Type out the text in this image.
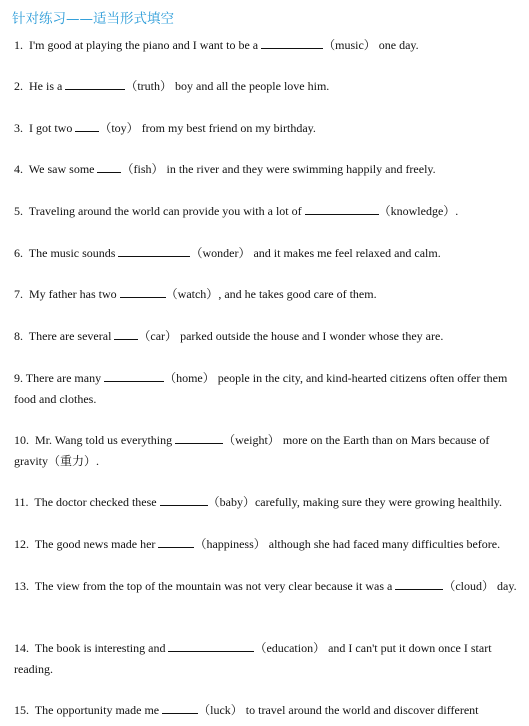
针对练习——适当形式填空
1. I'm good at playing the piano and I want to be a	（music） one day.
2. He is a	（truth） boy and all the people love him.
3. I got two （toy） from my best friend on my birthday.
4. We saw some （fish） in the river and they were swimming happily and freely.
5. Traveling around the world can provide you with a lot of	（knowledge）.
6. The music sounds	（wonder） and it makes me feel relaxed and calm.
7. My father has two	（watch）, and he takes good care of them.
8. There are several （car） parked outside the house and I wonder whose they are.
9. There are many	（home） people in the city, and kind-hearted citizens often offer them food and clothes.
10. Mr. Wang told us everything	（weight） more on the Earth than on Mars because of gravity（重力）.
11. The doctor checked these	（baby）carefully, making sure they were growing healthily.
12. The good news made her	（happiness） although she had faced many difficulties before.
13. The view from the top of the mountain was not very clear because it was a	（cloud） day.
14. The book is interesting and	（education） and I can't put it down once I start reading.
15. The opportunity made me	（luck） to travel around the world and discover different
